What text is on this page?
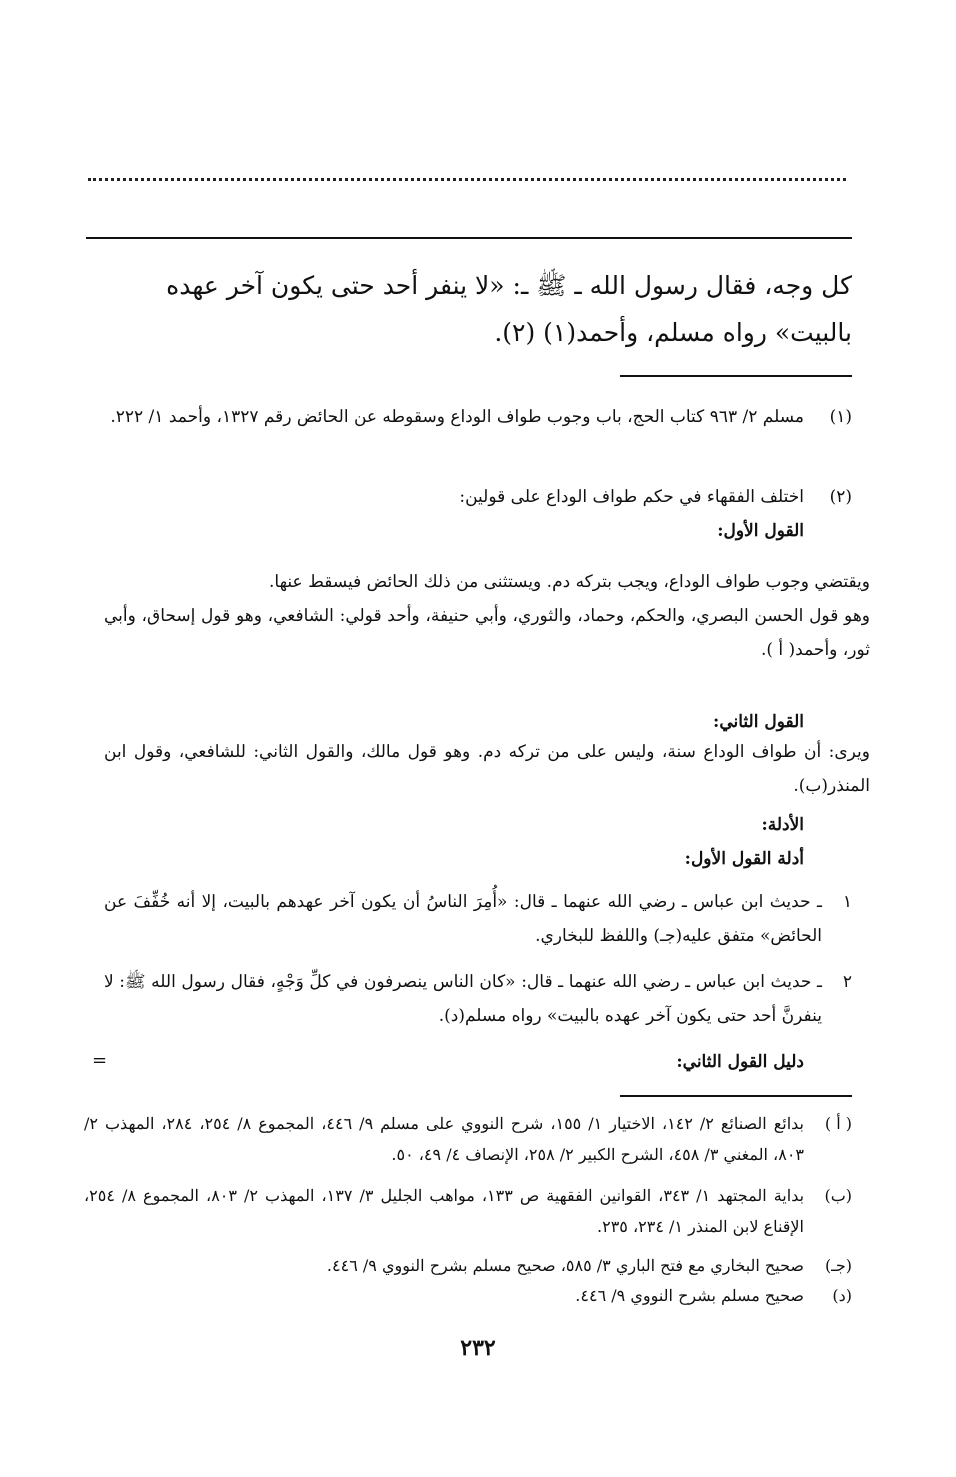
كل وجه، فقال رسول الله ـ ﷺ ـ: «لا ينفر أحد حتى يكون آخر عهده

بالبيت» رواه مسلم، وأحمد(١) (٢).

(١)

مسلم ٢/ ٩٦٣ كتاب الحج، باب وجوب طواف الوداع وسقوطه عن الحائض رقم ١٣٢٧، وأحمد ١/ ٢٢٢.

(٢)

اختلف الفقهاء في حكم طواف الوداع على قولين:

القول الأول:

ويقتضي وجوب طواف الوداع، ويجب بتركه دم. ويستثنى من ذلك الحائض فيسقط عنها.

وهو قول الحسن البصري، والحكم، وحماد، والثوري، وأبي حنيفة، وأحد قولي: الشافعي، وهو قول إسحاق، وأبي ثور، وأحمد( أ ).

القول الثاني:

ويرى: أن طواف الوداع سنة، وليس على من تركه دم. وهو قول مالك، والقول الثاني: للشافعي، وقول ابن المنذر(ب).

الأدلة:

أدلة القول الأول:

١

ـ حديث ابن عباس ـ رضي الله عنهما ـ قال: «أُمِرَ الناسُ أن يكون آخر عهدهم بالبيت، إلا أنه خُفِّفَ عن الحائض» متفق عليه(جـ) واللفظ للبخاري.

٢

ـ حديث ابن عباس ـ رضي الله عنهما ـ قال: «كان الناس ينصرفون في كلِّ وَجْهٍ، فقال رسول الله ﷺ: لا ينفرنَّ أحد حتى يكون آخر عهده بالبيت» رواه مسلم(د).

دليل القول الثاني:

=
( أ )

بدائع الصنائع ٢/ ١٤٢، الاختيار ١/ ١٥٥، شرح النووي على مسلم ٩/ ٤٤٦، المجموع ٨/ ٢٥٤، ٢٨٤، المهذب ٢/ ٨٠٣، المغني ٣/ ٤٥٨، الشرح الكبير ٢/ ٢٥٨، الإنصاف ٤/ ٤٩، ٥٠.

(ب)

بداية المجتهد ١/ ٣٤٣، القوانين الفقهية ص ١٣٣، مواهب الجليل ٣/ ١٣٧، المهذب ٢/ ٨٠٣، المجموع ٨/ ٢٥٤، الإقناع لابن المنذر ١/ ٢٣٤، ٢٣٥.

(جـ)

صحيح البخاري مع فتح الباري ٣/ ٥٨٥، صحيح مسلم بشرح النووي ٩/ ٤٤٦.

(د)

صحيح مسلم بشرح النووي ٩/ ٤٤٦.

٢٣٢
